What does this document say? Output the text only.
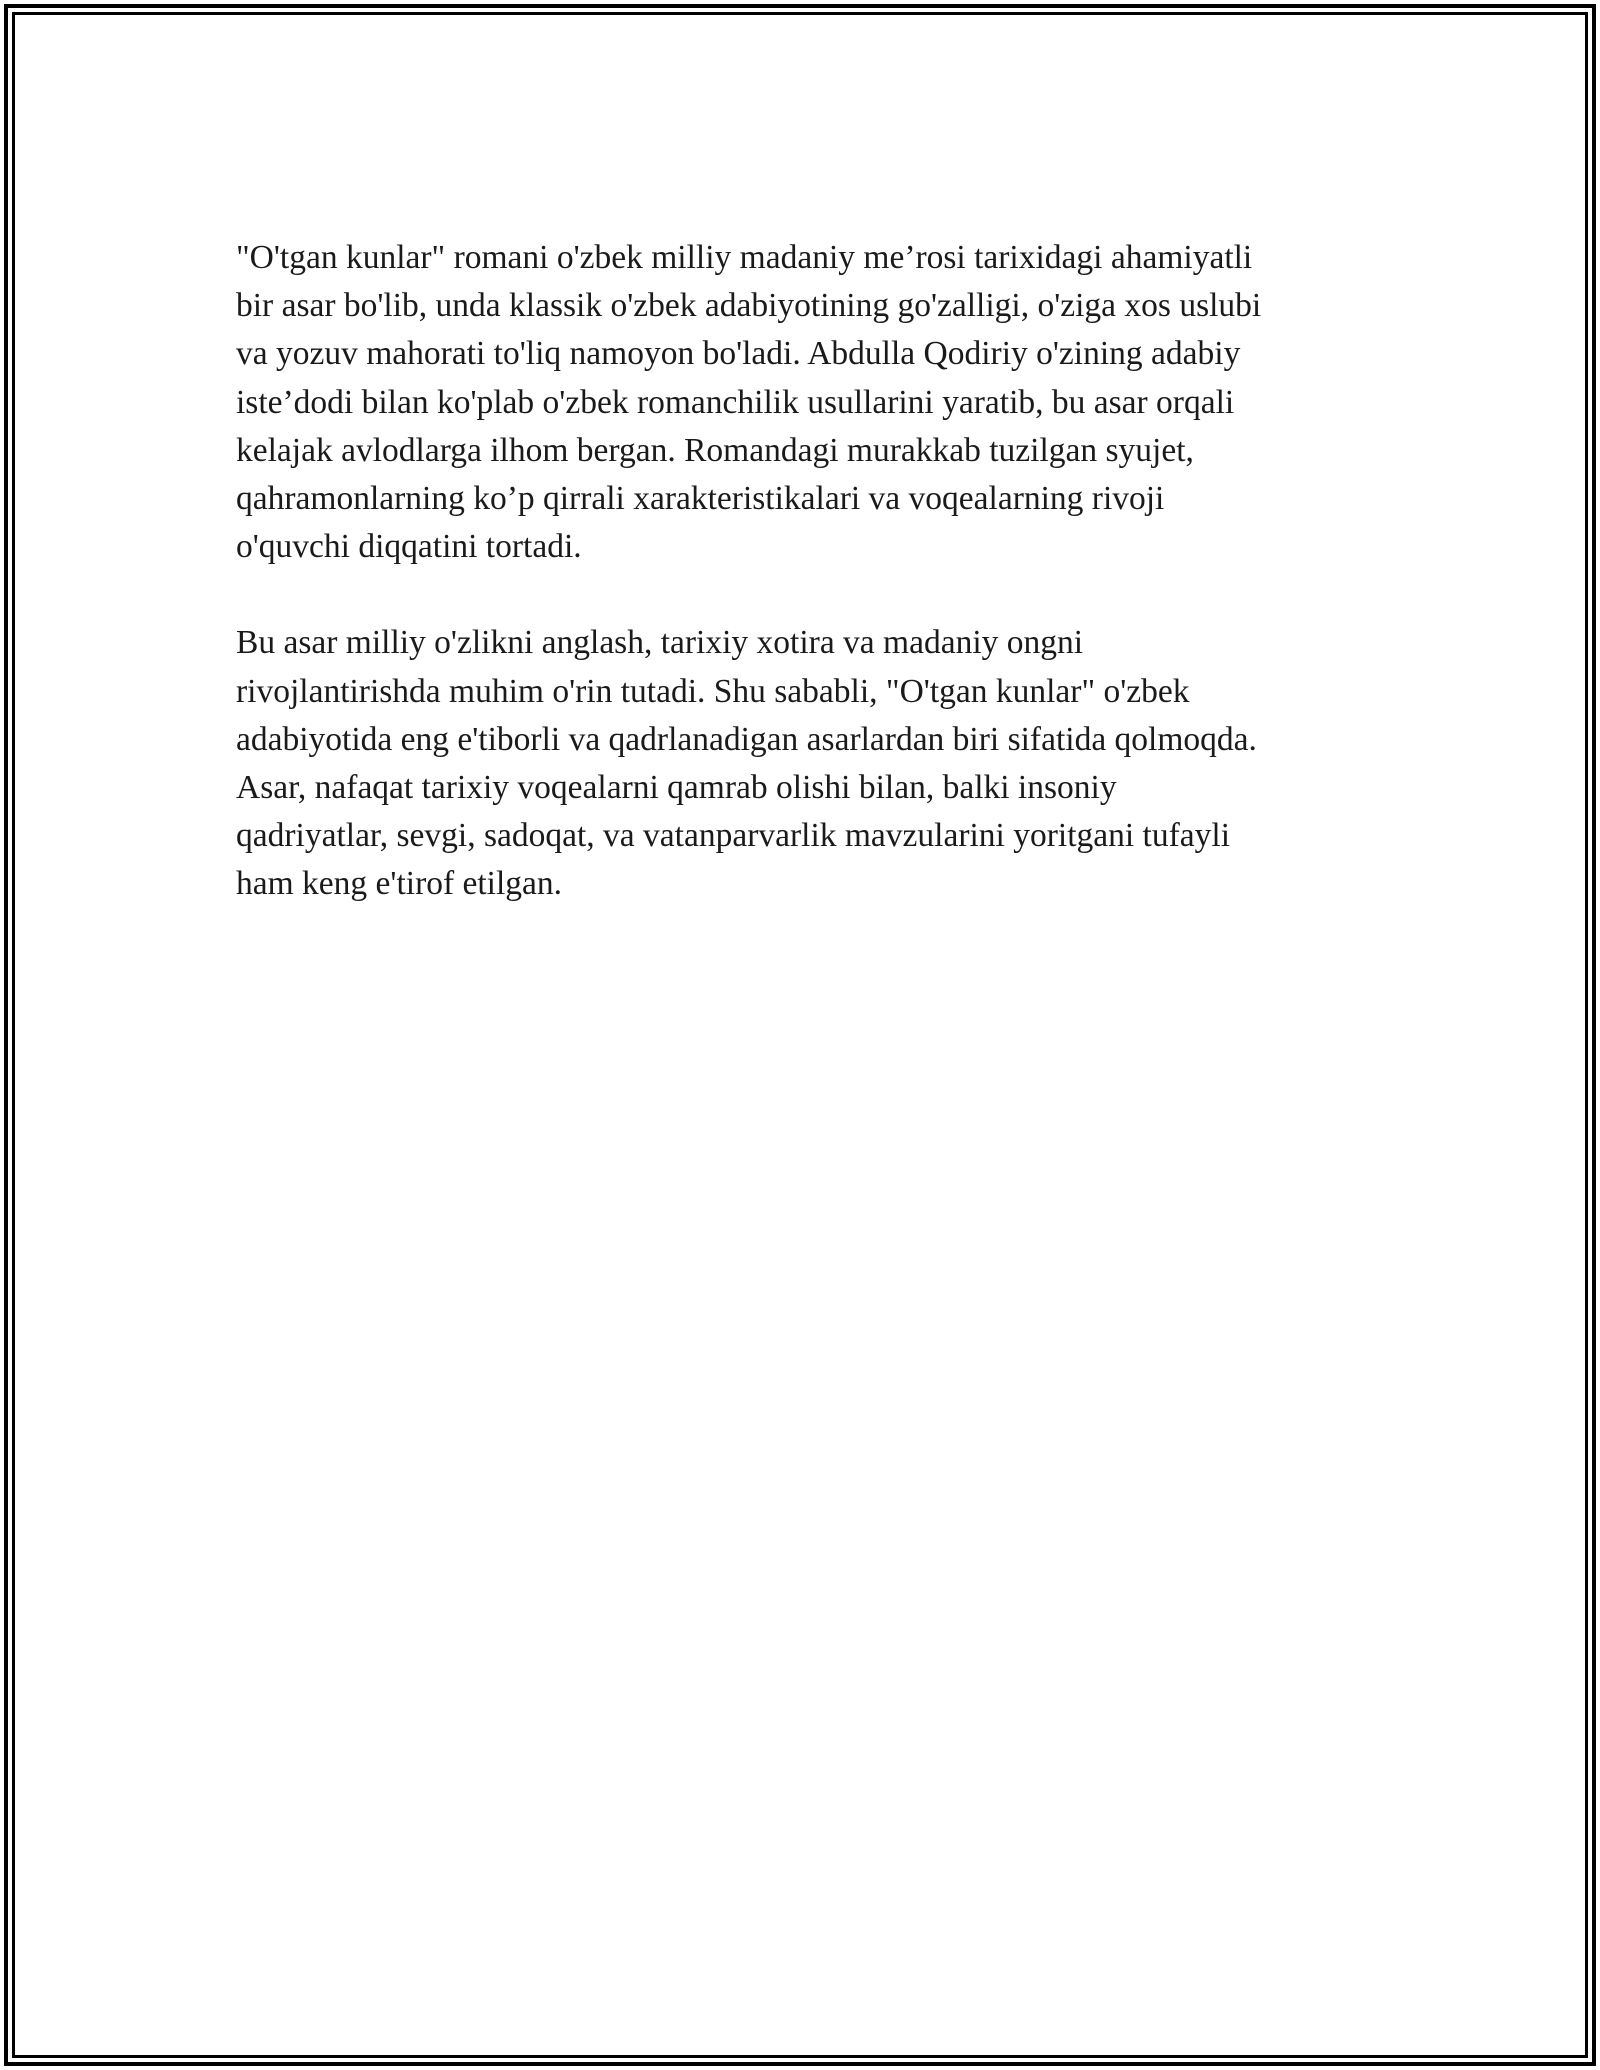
"O'tgan kunlar" romani o'zbek milliy madaniy me’rosi tarixidagi ahamiyatli
bir asar bo'lib, unda klassik o'zbek adabiyotining go'zalligi, o'ziga xos uslubi
va yozuv mahorati to'liq namoyon bo'ladi. Abdulla Qodiriy o'zining adabiy
iste’dodi bilan ko'plab o'zbek romanchilik usullarini yaratib, bu asar orqali
kelajak avlodlarga ilhom bergan. Romandagi murakkab tuzilgan syujet,
qahramonlarning ko’p qirrali xarakteristikalari va voqealarning rivoji
o'quvchi diqqatini tortadi.

Bu asar milliy o'zlikni anglash, tarixiy xotira va madaniy ongni
rivojlantirishda muhim o'rin tutadi. Shu sababli, "O'tgan kunlar" o'zbek
adabiyotida eng e'tiborli va qadrlanadigan asarlardan biri sifatida qolmoqda.
Asar, nafaqat tarixiy voqealarni qamrab olishi bilan, balki insoniy
qadriyatlar, sevgi, sadoqat, va vatanparvarlik mavzularini yoritgani tufayli
ham keng e'tirof etilgan.
